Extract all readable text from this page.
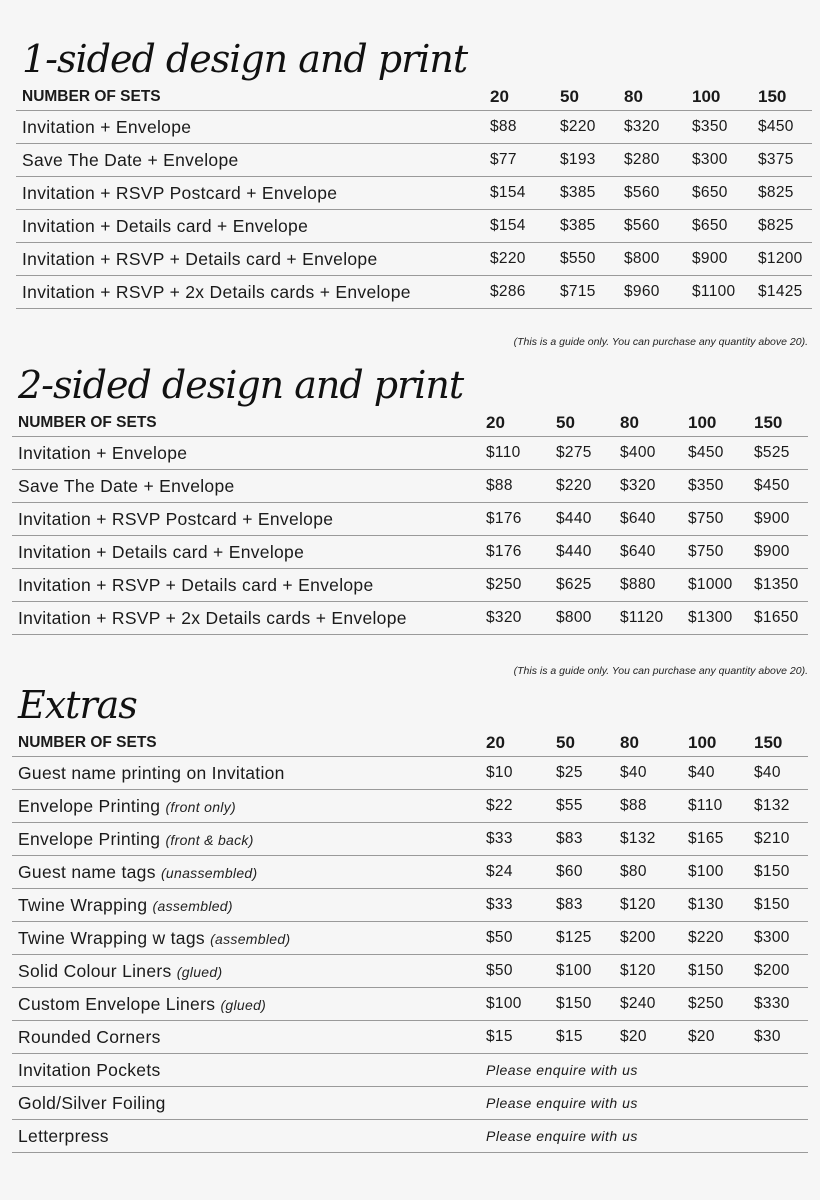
1-sided design and print
NUMBER OF SETS	20	50	80	100	150
Invitation + Envelope	$88	$220	$320	$350	$450
Save The Date + Envelope	$77	$193	$280	$300	$375
Invitation + RSVP Postcard + Envelope	$154	$385	$560	$650	$825
Invitation + Details card + Envelope	$154	$385	$560	$650	$825
Invitation + RSVP + Details card + Envelope	$220	$550	$800	$900	$1200
Invitation + RSVP + 2x Details cards + Envelope	$286	$715	$960	$1100	$1425
(This is a guide only. You can purchase any quantity above 20).
2-sided design and print
NUMBER OF SETS	20	50	80	100	150
Invitation + Envelope	$110	$275	$400	$450	$525
Save The Date + Envelope	$88	$220	$320	$350	$450
Invitation + RSVP Postcard + Envelope	$176	$440	$640	$750	$900
Invitation + Details card + Envelope	$176	$440	$640	$750	$900
Invitation + RSVP + Details card + Envelope	$250	$625	$880	$1000	$1350
Invitation + RSVP + 2x Details cards + Envelope	$320	$800	$1120	$1300	$1650
(This is a guide only. You can purchase any quantity above 20).
Extras
NUMBER OF SETS	20	50	80	100	150
Guest name printing on Invitation	$10	$25	$40	$40	$40
Envelope Printing (front only)	$22	$55	$88	$110	$132
Envelope Printing (front & back)	$33	$83	$132	$165	$210
Guest name tags (unassembled)	$24	$60	$80	$100	$150
Twine Wrapping (assembled)	$33	$83	$120	$130	$150
Twine Wrapping w tags (assembled)	$50	$125	$200	$220	$300
Solid Colour Liners (glued)	$50	$100	$120	$150	$200
Custom Envelope Liners (glued)	$100	$150	$240	$250	$330
Rounded Corners	$15	$15	$20	$20	$30
Invitation Pockets	Please enquire with us				
Gold/Silver Foiling	Please enquire with us				
Letterpress	Please enquire with us				
